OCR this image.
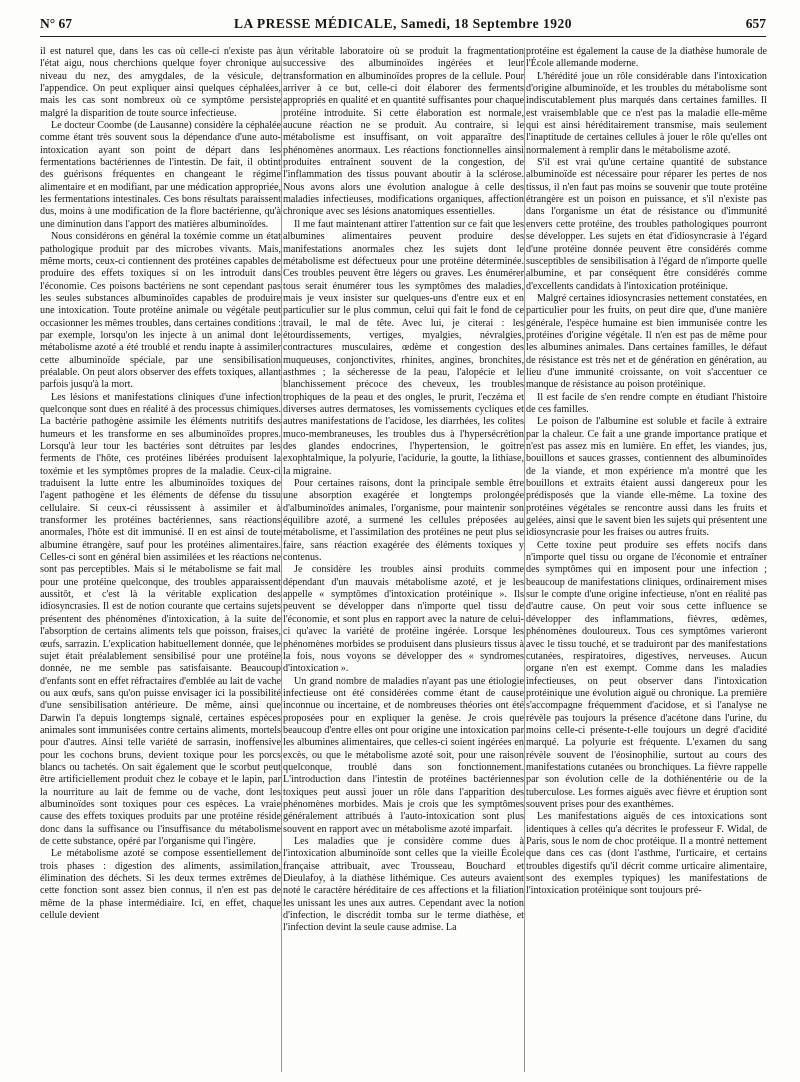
LA PRESSE MÉDICALE, Samedi, 18 Septembre 1920
N° 67	657

il est naturel que, dans les cas où celle-ci n'existe pas à l'état aigu, nous cherchions quelque foyer chronique au niveau du nez, des amygdales, de la vésicule, de l'appendice. On peut expliquer ainsi quelques céphalées, mais les cas sont nombreux où ce symptôme persiste malgré la disparition de toute source infectieuse.

Le docteur Coombe (de Lausanne) considère la céphalée comme étant très souvent sous la dépendance d'une auto-intoxication ayant son point de départ dans les fermentations bactériennes de l'intestin. De fait, il obtint des guérisons fréquentes en changeant le régime alimentaire et en modifiant, par une médication appropriée, les fermentations intestinales. Ces bons résultats paraissent dus, moins à une modification de la flore bactérienne, qu'à une diminution dans l'apport des matières albuminoïdes.

Nous considérons en général la toxémie comme un état pathologique produit par des microbes vivants. Mais, même morts, ceux-ci contiennent des protéines capables de produire des effets toxiques si on les introduit dans l'économie. Ces poisons bactériens ne sont cependant pas les seules substances albuminoïdes capables de produire une intoxication. Toute protéine animale ou végétale peut occasionner les mêmes troubles, dans certaines conditions : par exemple, lorsqu'on les injecte à un animal dont le métabolisme azoté a été troublé et rendu inapte à assimiler cette albuminoïde spéciale, par une sensibilisation préalable. On peut alors observer des effets toxiques, allant parfois jusqu'à la mort.

Les lésions et manifestations cliniques d'une infection quelconque sont dues en réalité à des processus chimiques. La bactérie pathogène assimile les éléments nutritifs des humeurs et les transforme en ses albuminoïdes propres. Lorsqu'à leur tour les bactéries sont détruites par les ferments de l'hôte, ces protéines libérées produisent la toxémie et les symptômes propres de la maladie. Ceux-ci traduisent la lutte entre les albuminoïdes toxiques de l'agent pathogène et les éléments de défense du tissu cellulaire. Si ceux-ci réussissent à assimiler et à transformer les protéines bactériennes, sans réactions anormales, l'hôte est dit immunisé. Il en est ainsi de toute albumine étrangère, sauf pour les protéines alimentaires. Celles-ci sont en général bien assimilées et les réactions ne sont pas perceptibles. Mais si le métabolisme se fait mal pour une protéine quelconque, des troubles apparaissent aussitôt, et c'est là la véritable explication des idiosyncrasies. Il est de notion courante que certains sujets présentent des phénomènes d'intoxication, à la suite de l'absorption de certains aliments tels que poisson, fraises, œufs, sarrazin. L'explication habituellement donnée, que le sujet était préalablement sensibilisé pour une protéine donnée, ne me semble pas satisfaisante. Beaucoup d'enfants sont en effet réfractaires d'emblée au lait de vache ou aux œufs, sans qu'on puisse envisager ici la possibilité d'une sensibilisation antérieure. De même, ainsi que Darwin l'a depuis longtemps signalé, certaines espèces animales sont immunisées contre certains aliments, mortels pour d'autres. Ainsi telle variété de sarrasin, inoffensive pour les cochons bruns, devient toxique pour les porcs blancs ou tachetés. On sait également que le scorbut peut être artificiellement produit chez le cobaye et le lapin, par la nourriture au lait de femme ou de vache, dont les albuminoïdes sont toxiques pour ces espèces. La vraie cause des effets toxiques produits par une protéine réside donc dans la suffisance ou l'insuffisance du métabolisme de cette substance, opéré par l'organisme qui l'ingère.

Le métabolisme azoté se compose essentiellement de trois phases : digestion des aliments, assimilation, élimination des déchets. Si les deux termes extrêmes de cette fonction sont assez bien connus, il n'en est pas de même de la phase intermédiaire. Ici, en effet, chaque cellule devient

un véritable laboratoire où se produit la fragmentation successive des albuminoïdes ingérées et leur transformation en albuminoïdes propres de la cellule. Pour arriver à ce but, celle-ci doit élaborer des ferments appropriés en qualité et en quantité suffisantes pour chaque protéine introduite. Si cette élaboration est normale, aucune réaction ne se produit. Au contraire, si le métabolisme est insuffisant, on voit apparaître des phénomènes anormaux. Les réactions fonctionnelles ainsi produites entraînent souvent de la congestion, de l'inflammation des tissus pouvant aboutir à la sclérose. Nous avons alors une évolution analogue à celle des maladies infectieuses, modifications organiques, affection chronique avec ses lésions anatomiques essentielles.

Il me faut maintenant attirer l'attention sur ce fait que les albumines alimentaires peuvent produire des manifestations anormales chez les sujets dont le métabolisme est défectueux pour une protéine déterminée. Ces troubles peuvent être légers ou graves. Les énumérer tous serait énumérer tous les symptômes des maladies, mais je veux insister sur quelques-uns d'entre eux et en particulier sur le plus commun, celui qui fait le fond de ce travail, le mal de tête. Avec lui, je citerai : les étourdissements, vertiges, myalgies, névralgies, contractures musculaires, œdème et congestion des muqueuses, conjonctivites, rhinites, angines, bronchites, asthmes ; la sécheresse de la peau, l'alopécie et le blanchissement précoce des cheveux, les troubles trophiques de la peau et des ongles, le prurit, l'eczéma et diverses autres dermatoses, les vomissements cycliques et autres manifestations de l'acidose, les diarrhées, les colites muco-membraneuses, les troubles dus à l'hypersécrétion des glandes endocrines, l'hypertension, le goitre exophtalmique, la polyurie, l'acidurie, la goutte, la lithiase, la migraine.

Pour certaines raisons, dont la principale semble être une absorption exagérée et longtemps prolongée d'albuminoïdes animales, l'organisme, pour maintenir son équilibre azoté, a surmené les cellules préposées au métabolisme, et l'assimilation des protéines ne peut plus se faire, sans réaction exagérée des éléments toxiques y contenus.

Je considère les troubles ainsi produits comme dépendant d'un mauvais métabolisme azoté, et je les appelle « symptômes d'intoxication protéinique ». Ils peuvent se développer dans n'importe quel tissu de l'économie, et sont plus en rapport avec la nature de celui-ci qu'avec la variété de protéine ingérée. Lorsque les phénomènes morbides se produisent dans plusieurs tissus à la fois, nous voyons se développer des « syndromes d'intoxication ».

Un grand nombre de maladies n'ayant pas une étiologie infectieuse ont été considérées comme étant de cause inconnue ou incertaine, et de nombreuses théories ont été proposées pour en expliquer la genèse. Je crois que beaucoup d'entre elles ont pour origine une intoxication par les albumines alimentaires, que celles-ci soient ingérées en excès, ou que le métabolisme azoté soit, pour une raison quelconque, troublé dans son fonctionnement. L'introduction dans l'intestin de protéines bactériennes toxiques peut aussi jouer un rôle dans l'apparition des phénomènes morbides. Mais je crois que les symptômes généralement attribués à l'auto-intoxication sont plus souvent en rapport avec un métabolisme azoté imparfait.

Les maladies que je considère comme dues à l'intoxication albuminoïde sont celles que la vieille École française attribuait, avec Trousseau, Bouchard et Dieulafoy, à la diathèse lithémique. Ces auteurs avaient noté le caractère héréditaire de ces affections et la filiation les unissant les unes aux autres. Cependant avec la notion d'infection, le discrédit tomba sur le terme diathèse, et l'infection devint la seule cause admise. La

protéine est également la cause de la diathèse humorale de l'École allemande moderne.

L'hérédité joue un rôle considérable dans l'intoxication d'origine albuminoïde, et les troubles du métabolisme sont indiscutablement plus marqués dans certaines familles. Il est vraisemblable que ce n'est pas la maladie elle-même qui est ainsi héréditairement transmise, mais seulement l'inaptitude de certaines cellules à jouer le rôle qu'elles ont normalement à remplir dans le métabolisme azoté.

S'il est vrai qu'une certaine quantité de substance albuminoïde est nécessaire pour réparer les pertes de nos tissus, il n'en faut pas moins se souvenir que toute protéine étrangère est un poison en puissance, et s'il n'existe pas dans l'organisme un état de résistance ou d'immunité envers cette protéine, des troubles pathologiques pourront se développer. Les sujets en état d'idiosyncrasie à l'égard d'une protéine donnée peuvent être considérés comme susceptibles de sensibilisation à l'égard de n'importe quelle albumine, et par conséquent être considérés comme d'excellents candidats à l'intoxication protéinique.

Malgré certaines idiosyncrasies nettement constatées, en particulier pour les fruits, on peut dire que, d'une manière générale, l'espèce humaine est bien immunisée contre les protéines d'origine végétale. Il n'en est pas de même pour les albumines animales. Dans certaines familles, le défaut de résistance est très net et de génération en génération, au lieu d'une immunité croissante, on voit s'accentuer ce manque de résistance au poison protéinique.

Il est facile de s'en rendre compte en étudiant l'histoire de ces familles.

Le poison de l'albumine est soluble et facile à extraire par la chaleur. Ce fait a une grande importance pratique et n'est pas assez mis en lumière. En effet, les viandes, jus, bouillons et sauces grasses, contiennent des albuminoïdes de la viande, et mon expérience m'a montré que les bouillons et extraits étaient aussi dangereux pour les prédisposés que la viande elle-même. La toxine des protéines végétales se rencontre aussi dans les fruits et gelées, ainsi que le savent bien les sujets qui présentent une idiosyncrasie pour les fraises ou autres fruits.

Cette toxine peut produire ses effets nocifs dans n'importe quel tissu ou organe de l'économie et entraîner des symptômes qui en imposent pour une infection ; beaucoup de manifestations cliniques, ordinairement mises sur le compte d'une origine infectieuse, n'ont en réalité pas d'autre cause. On peut voir sous cette influence se développer des inflammations, fièvres, œdèmes, phénomènes douloureux. Tous ces symptômes varieront avec le tissu touché, et se traduiront par des manifestations cutanées, respiratoires, digestives, nerveuses. Aucun organe n'en est exempt. Comme dans les maladies infectieuses, on peut observer dans l'intoxication protéinique une évolution aiguë ou chronique. La première s'accompagne fréquemment d'acidose, et si l'analyse ne révèle pas toujours la présence d'acétone dans l'urine, du moins celle-ci présente-t-elle toujours un degré d'acidité marqué. La polyurie est fréquente. L'examen du sang révèle souvent de l'éosinophilie, surtout au cours des manifestations cutanées ou bronchiques. La fièvre rappelle par son évolution celle de la dothiénentérie ou de la tuberculose. Les formes aiguës avec fièvre et éruption sont souvent prises pour des exanthèmes.

Les manifestations aiguës de ces intoxications sont identiques à celles qu'a décrites le professeur F. Widal, de Paris, sous le nom de choc protéique. Il a montré nettement que dans ces cas (dont l'asthme, l'urticaire, et certains troubles digestifs qu'il décrit comme urticaire alimentaire, sont des exemples typiques) les manifestations de l'intoxication protéinique sont toujours pré-
